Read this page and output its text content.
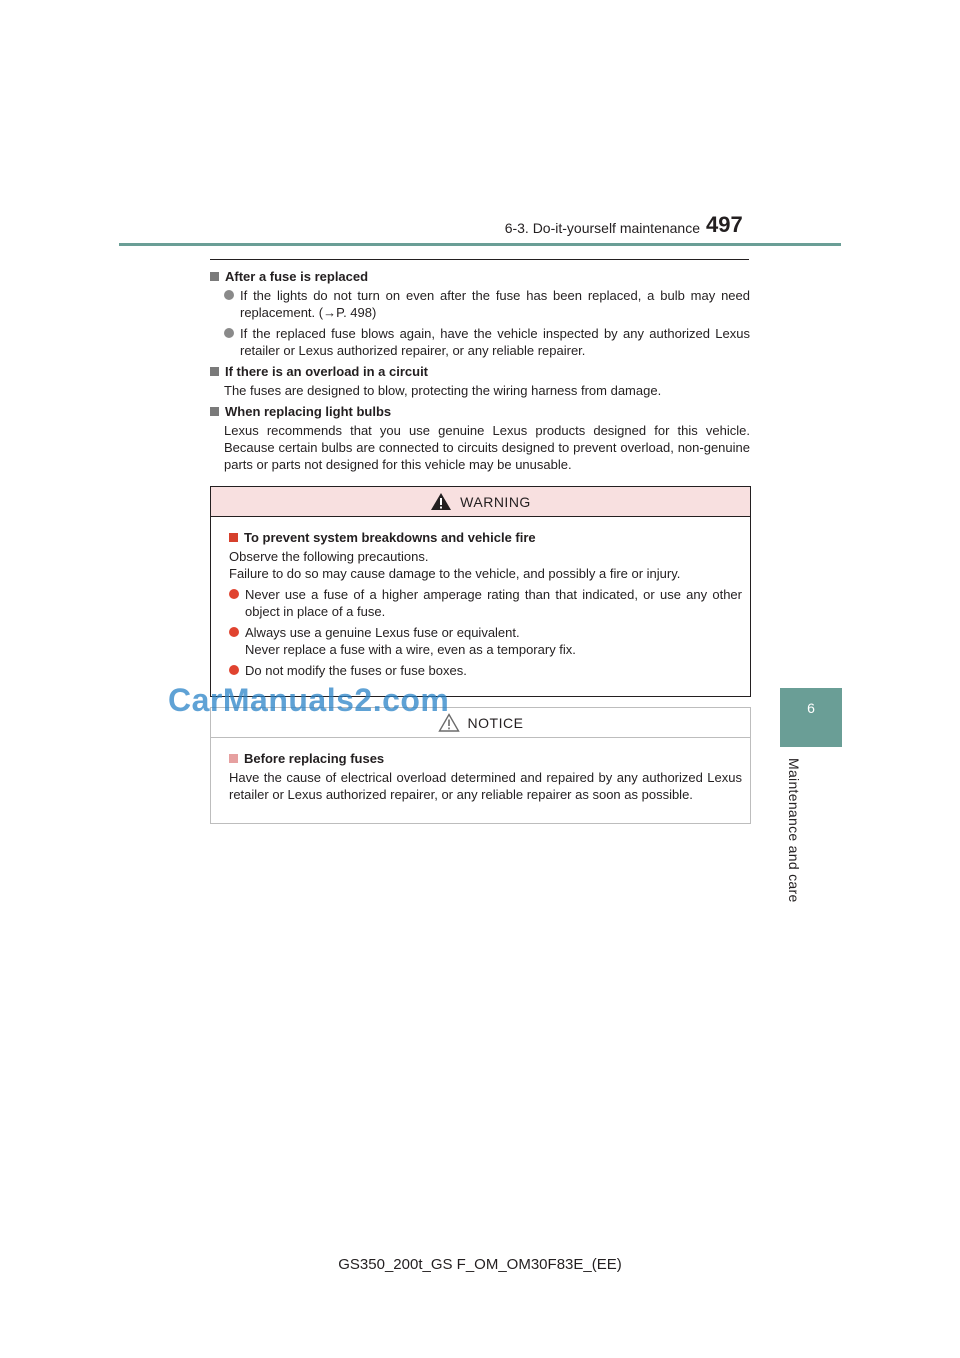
6-3. Do-it-yourself maintenance 497
6
Maintenance and care
After a fuse is replaced
If the lights do not turn on even after the fuse has been replaced, a bulb may need replacement. (→P. 498)
If the replaced fuse blows again, have the vehicle inspected by any authorized Lexus retailer or Lexus authorized repairer, or any reliable repairer.
If there is an overload in a circuit
The fuses are designed to blow, protecting the wiring harness from damage.
When replacing light bulbs
Lexus recommends that you use genuine Lexus products designed for this vehicle. Because certain bulbs are connected to circuits designed to prevent overload, non-genuine parts or parts not designed for this vehicle may be unusable.
WARNING
To prevent system breakdowns and vehicle fire
Observe the following precautions.
Failure to do so may cause damage to the vehicle, and possibly a fire or injury.
Never use a fuse of a higher amperage rating than that indicated, or use any other object in place of a fuse.
Always use a genuine Lexus fuse or equivalent.
Never replace a fuse with a wire, even as a temporary fix.
Do not modify the fuses or fuse boxes.
NOTICE
Before replacing fuses
Have the cause of electrical overload determined and repaired by any authorized Lexus retailer or Lexus authorized repairer, or any reliable repairer as soon as possible.
CarManuals2.com
GS350_200t_GS F_OM_OM30F83E_(EE)
